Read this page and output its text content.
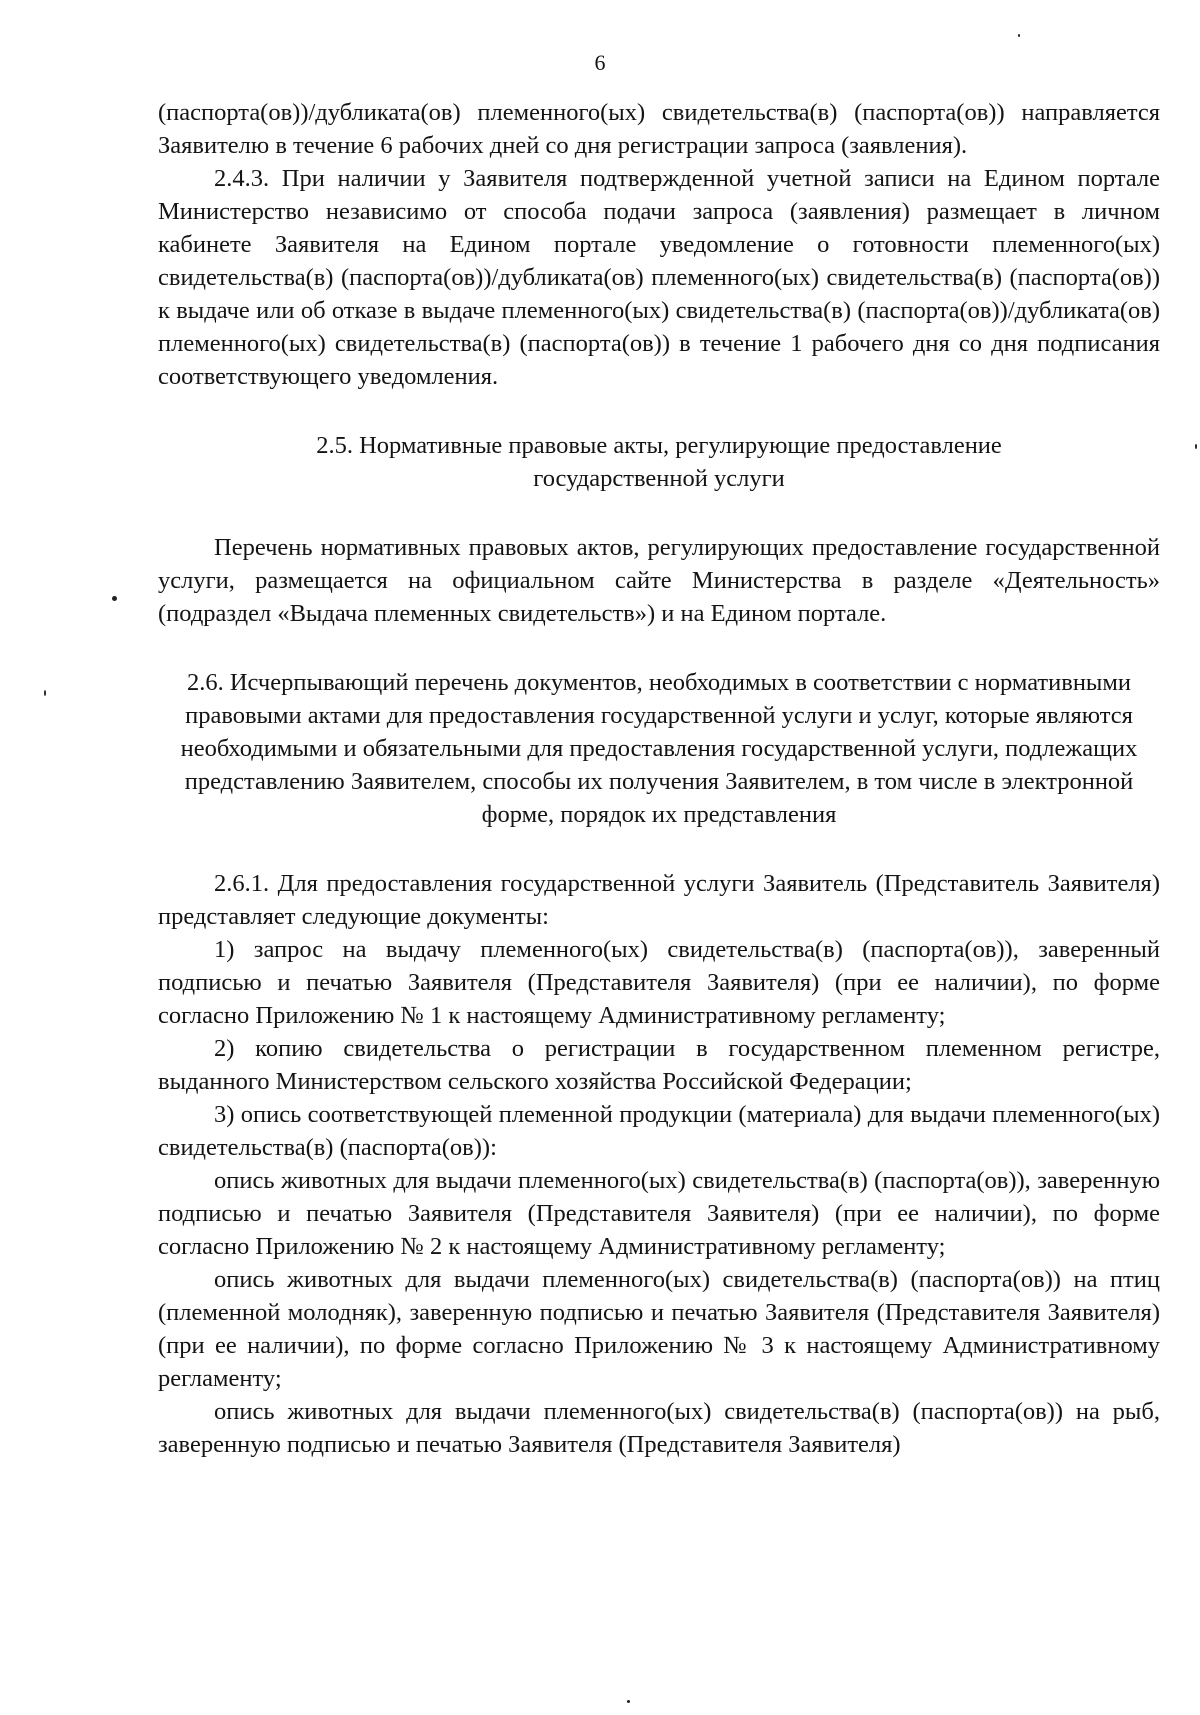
6

(паспорта(ов))/дубликата(ов) племенного(ых) свидетельства(в) (паспорта(ов)) направляется Заявителю в течение 6 рабочих дней со дня регистрации запроса (заявления).

2.4.3. При наличии у Заявителя подтвержденной учетной записи на Едином портале Министерство независимо от способа подачи запроса (заявления) размещает в личном кабинете Заявителя на Едином портале уведомление о готовности племенного(ых) свидетельства(в) (паспорта(ов))/дубликата(ов) племенного(ых) свидетельства(в) (паспорта(ов)) к выдаче или об отказе в выдаче племенного(ых) свидетельства(в) (паспорта(ов))/дубликата(ов) племенного(ых) свидетельства(в) (паспорта(ов)) в течение 1 рабочего дня со дня подписания соответствующего уведомления.

2.5. Нормативные правовые акты, регулирующие предоставление
государственной услуги

Перечень нормативных правовых актов, регулирующих предоставление государственной услуги, размещается на официальном сайте Министерства в разделе «Деятельность» (подраздел «Выдача племенных свидетельств») и на Едином портале.

2.6. Исчерпывающий перечень документов, необходимых в соответствии с нормативными правовыми актами для предоставления государственной услуги и услуг, которые являются необходимыми и обязательными для предоставления государственной услуги, подлежащих представлению Заявителем, способы их получения Заявителем, в том числе в электронной форме, порядок их представления

2.6.1. Для предоставления государственной услуги Заявитель (Представитель Заявителя) представляет следующие документы:

1) запрос на выдачу племенного(ых) свидетельства(в) (паспорта(ов)), заверенный подписью и печатью Заявителя (Представителя Заявителя) (при ее наличии), по форме согласно Приложению № 1 к настоящему Административному регламенту;

2) копию свидетельства о регистрации в государственном племенном регистре, выданного Министерством сельского хозяйства Российской Федерации;

3) опись соответствующей племенной продукции (материала) для выдачи племенного(ых) свидетельства(в) (паспорта(ов)):

опись животных для выдачи племенного(ых) свидетельства(в) (паспорта(ов)), заверенную подписью и печатью Заявителя (Представителя Заявителя) (при ее наличии), по форме согласно Приложению № 2 к настоящему Административному регламенту;

опись животных для выдачи племенного(ых) свидетельства(в) (паспорта(ов)) на птиц (племенной молодняк), заверенную подписью и печатью Заявителя (Представителя Заявителя) (при ее наличии), по форме согласно Приложению № 3 к настоящему Административному регламенту;

опись животных для выдачи племенного(ых) свидетельства(в) (паспорта(ов)) на рыб, заверенную подписью и печатью Заявителя (Представителя Заявителя)
